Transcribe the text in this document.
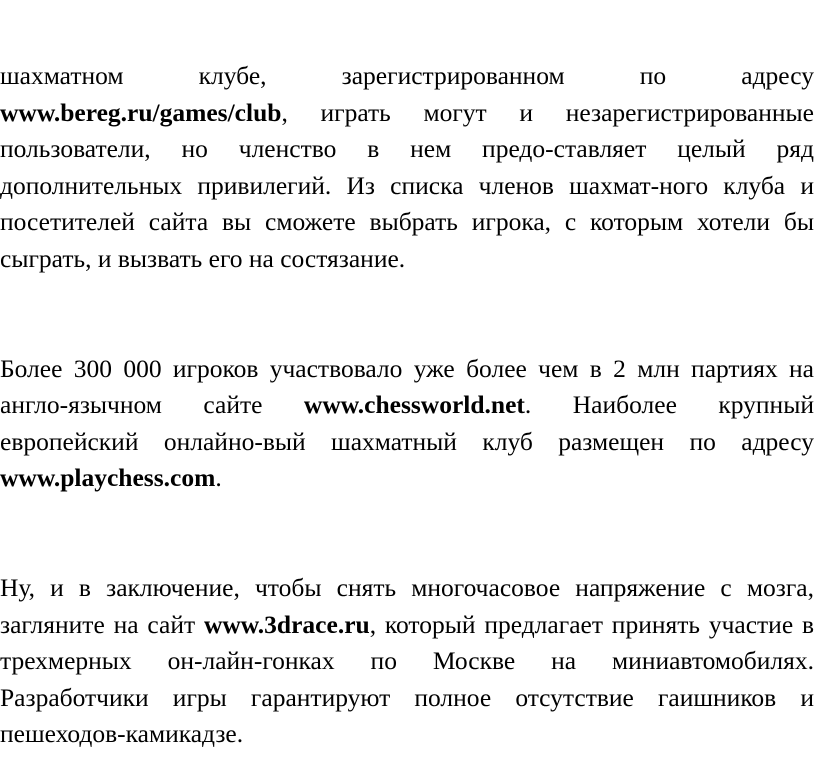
шахматном клубе, зарегистрированном по адресу www.bereg.ru/games/club, играть могут и незарегистрированные пользователи, но членство в нем предо-ставляет целый ряд дополнительных привилегий. Из списка членов шахмат-ного клуба и посетителей сайта вы сможете выбрать игрока, с которым хотели бы сыграть, и вызвать его на состязание.

Более 300 000 игроков участвовало уже более чем в 2 млн партиях на англо-язычном сайте www.chessworld.net. Наиболее крупный европейский онлайно-вый шахматный клуб размещен по адресу www.playchess.com.

Ну, и в заключение, чтобы снять многочасовое напряжение с мозга, загляните на сайт www.3drace.ru, который предлагает принять участие в трехмерных он-лайн-гонках по Москве на миниавтомобилях. Разработчики игры гарантируют полное отсутствие гаишников и пешеходов-камикадзе.
